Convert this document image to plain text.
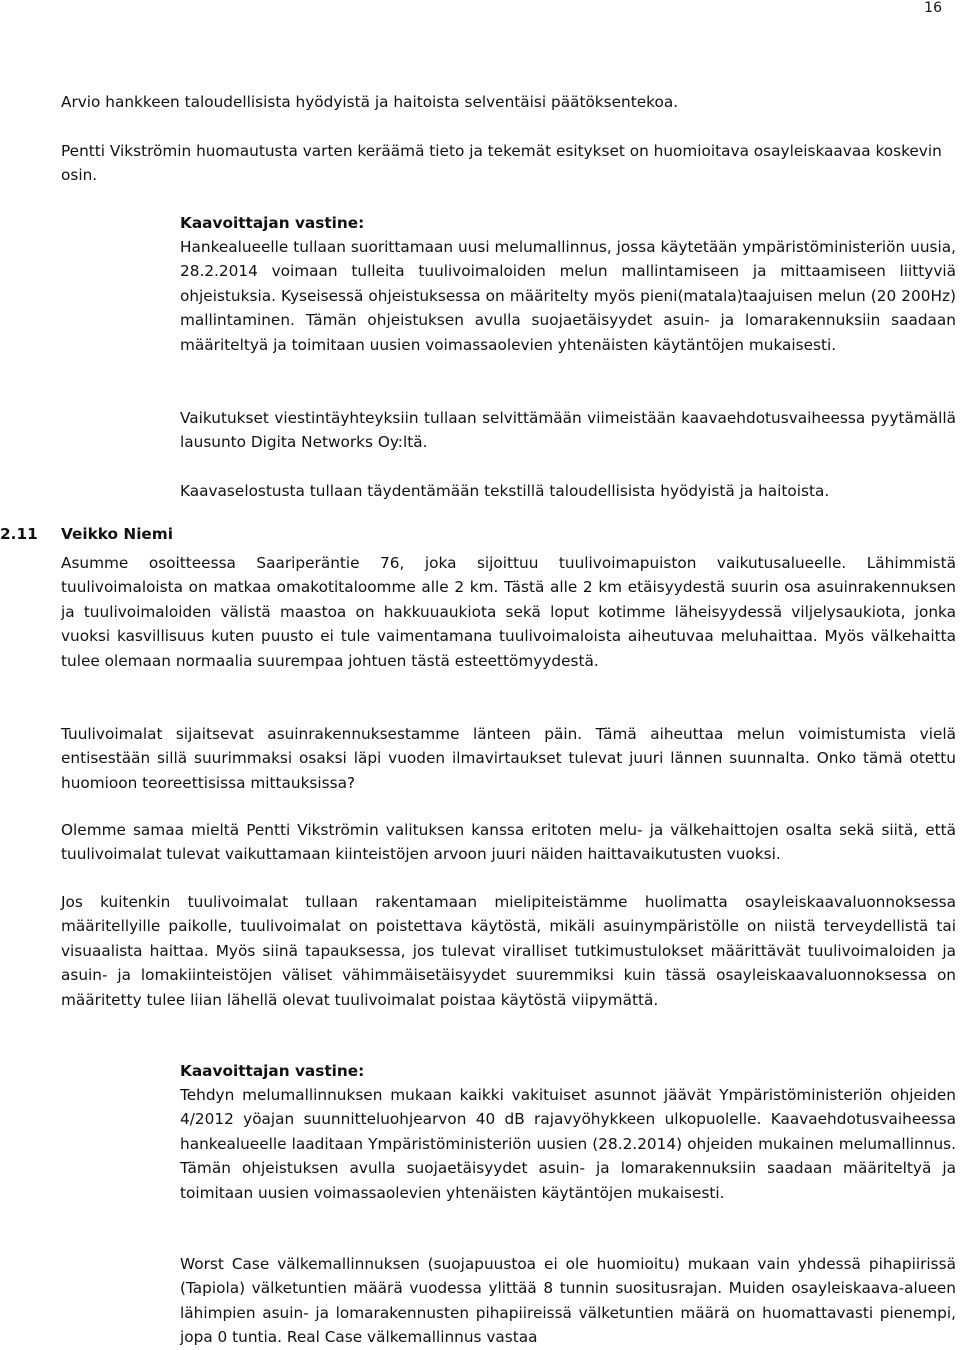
16

Arvio hankkeen taloudellisista hyödyistä ja haitoista selventäisi päätöksentekoa.

Pentti Vikströmin huomautusta varten keräämä tieto ja tekemät esitykset on huomioitava osayleiskaavaa koskevin osin.

Kaavoittajan vastine:

Hankealueelle tullaan suorittamaan uusi melumallinnus, jossa käytetään ympäristöministeriön uusia, 28.2.2014 voimaan tulleita tuulivoimaloiden melun mallintamiseen ja mittaamiseen liittyviä ohjeistuksia. Kyseisessä ohjeistuksessa on määritelty myös pieni(matala)taajuisen melun (20 200Hz) mallintaminen. Tämän ohjeistuksen avulla suojaetäisyydet asuin- ja lomarakennuksiin saadaan määriteltyä ja toimitaan uusien voimassaolevien yhtenäisten käytäntöjen mukaisesti.

Vaikutukset viestintäyhteyksiin tullaan selvittämään viimeistään kaavaehdotusvaiheessa pyytämällä lausunto Digita Networks Oy:ltä.

Kaavaselostusta tullaan täydentämään tekstillä taloudellisista hyödyistä ja haitoista.

2.11 Veikko Niemi

Asumme osoitteessa Saariperäntie 76, joka sijoittuu tuulivoimapuiston vaikutusalueelle. Lähimmistä tuulivoimaloista on matkaa omakotitaloomme alle 2 km. Tästä alle 2 km etäisyydestä suurin osa asuinrakennuksen ja tuulivoimaloiden välistä maastoa on hakkuuaukiota sekä loput kotimme läheisyydessä viljelysaukiota, jonka vuoksi kasvillisuus kuten puusto ei tule vaimentamana tuulivoimaloista aiheutuvaa meluhaittaa. Myös välkehaitta tulee olemaan normaalia suurempaa johtuen tästä esteettömyydestä.

Tuulivoimalat sijaitsevat asuinrakennuksestamme länteen päin. Tämä aiheuttaa melun voimistumista vielä entisestään sillä suurimmaksi osaksi läpi vuoden ilmavirtaukset tulevat juuri lännen suunnalta. Onko tämä otettu huomioon teoreettisissa mittauksissa?

Olemme samaa mieltä Pentti Vikströmin valituksen kanssa eritoten melu- ja välkehaittojen osalta sekä siitä, että tuulivoimalat tulevat vaikuttamaan kiinteistöjen arvoon juuri näiden haittavaikutusten vuoksi.

Jos kuitenkin tuulivoimalat tullaan rakentamaan mielipiteistämme huolimatta osayleiskaavaluonnoksessa määritellyille paikolle, tuulivoimalat on poistettava käytöstä, mikäli asuinympäristölle on niistä terveydellistä tai visuaalista haittaa. Myös siinä tapauksessa, jos tulevat viralliset tutkimustulokset määrittävät tuulivoimaloiden ja asuin- ja lomakiinteistöjen väliset vähimmäisetäisyydet suuremmiksi kuin tässä osayleiskaavaluonnoksessa on määritetty tulee liian lähellä olevat tuulivoimalat poistaa käytöstä viipymättä.

Kaavoittajan vastine:

Tehdyn melumallinnuksen mukaan kaikki vakituiset asunnot jäävät Ympäristöministeriön ohjeiden 4/2012 yöajan suunnitteluohjearvon 40 dB rajavyöhykkeen ulkopuolelle. Kaavaehdotusvaiheessa hankealueelle laaditaan Ympäristöministeriön uusien (28.2.2014) ohjeiden mukainen melumallinnus. Tämän ohjeistuksen avulla suojaetäisyydet asuin- ja lomarakennuksiin saadaan määriteltyä ja toimitaan uusien voimassaolevien yhtenäisten käytäntöjen mukaisesti.

Worst Case välkemallinnuksen (suojapuustoa ei ole huomioitu) mukaan vain yhdessä pihapiirissä (Tapiola) välketuntien määrä vuodessa ylittää 8 tunnin suositusrajan. Muiden osayleiskaava-alueen lähimpien asuin- ja lomarakennusten pihapiireissä välketuntien määrä on huomattavasti pienempi, jopa 0 tuntia. Real Case välkemallinnus vastaa
